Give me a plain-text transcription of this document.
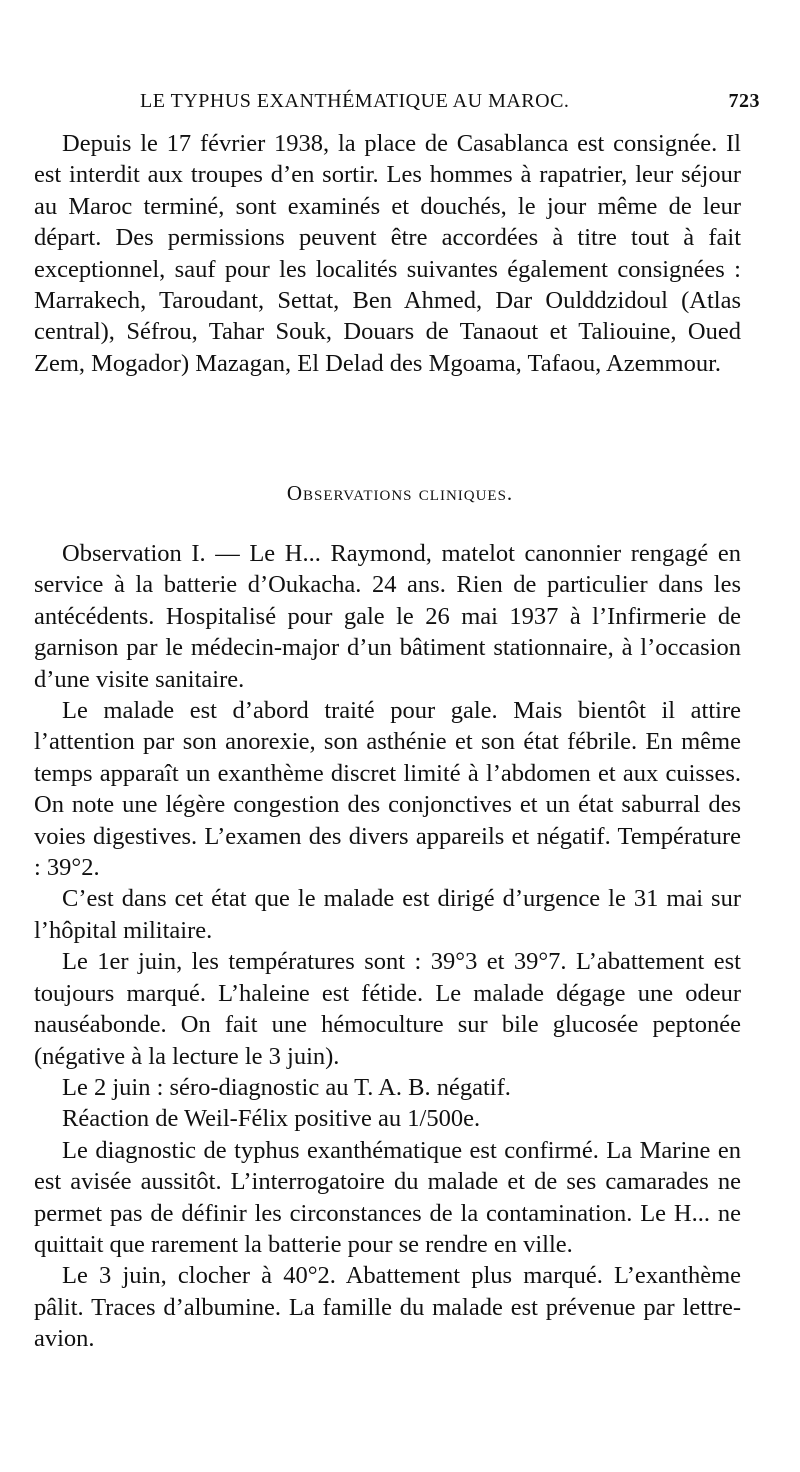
LE TYPHUS EXANTHÉMATIQUE AU MAROC.	723

Depuis le 17 février 1938, la place de Casablanca est consignée. Il est interdit aux troupes d’en sortir. Les hommes à rapatrier, leur séjour au Maroc terminé, sont examinés et douchés, le jour même de leur départ. Des permissions peuvent être accordées à titre tout à fait exceptionnel, sauf pour les localités suivantes également consignées : Marrakech, Taroudant, Settat, Ben Ahmed, Dar Oulddzidoul (Atlas central), Séfrou, Tahar Souk, Douars de Tanaout et Taliouine, Oued Zem, Mogador) Mazagan, El Delad des Mgoama, Tafaou, Azemmour.

Observations cliniques.

Observation I. — Le H... Raymond, matelot canonnier rengagé en service à la batterie d’Oukacha. 24 ans. Rien de particulier dans les antécédents. Hospitalisé pour gale le 26 mai 1937 à l’Infirmerie de garnison par le médecin-major d’un bâtiment stationnaire, à l’occasion d’une visite sanitaire.

Le malade est d’abord traité pour gale. Mais bientôt il attire l’attention par son anorexie, son asthénie et son état fébrile. En même temps apparaît un exanthème discret limité à l’abdomen et aux cuisses. On note une légère congestion des conjonctives et un état saburral des voies digestives. L’examen des divers appareils et négatif. Température : 39°2.

C’est dans cet état que le malade est dirigé d’urgence le 31 mai sur l’hôpital militaire.

Le 1er juin, les températures sont : 39°3 et 39°7. L’abattement est toujours marqué. L’haleine est fétide. Le malade dégage une odeur nauséabonde. On fait une hémoculture sur bile glucosée peptonée (négative à la lecture le 3 juin).

Le 2 juin : séro-diagnostic au T. A. B. négatif.

Réaction de Weil-Félix positive au 1/500e.

Le diagnostic de typhus exanthématique est confirmé. La Marine en est avisée aussitôt. L’interrogatoire du malade et de ses camarades ne permet pas de définir les circonstances de la contamination. Le H... ne quittait que rarement la batterie pour se rendre en ville.

Le 3 juin, clocher à 40°2. Abattement plus marqué. L’exanthème pâlit. Traces d’albumine. La famille du malade est prévenue par lettre-avion.
